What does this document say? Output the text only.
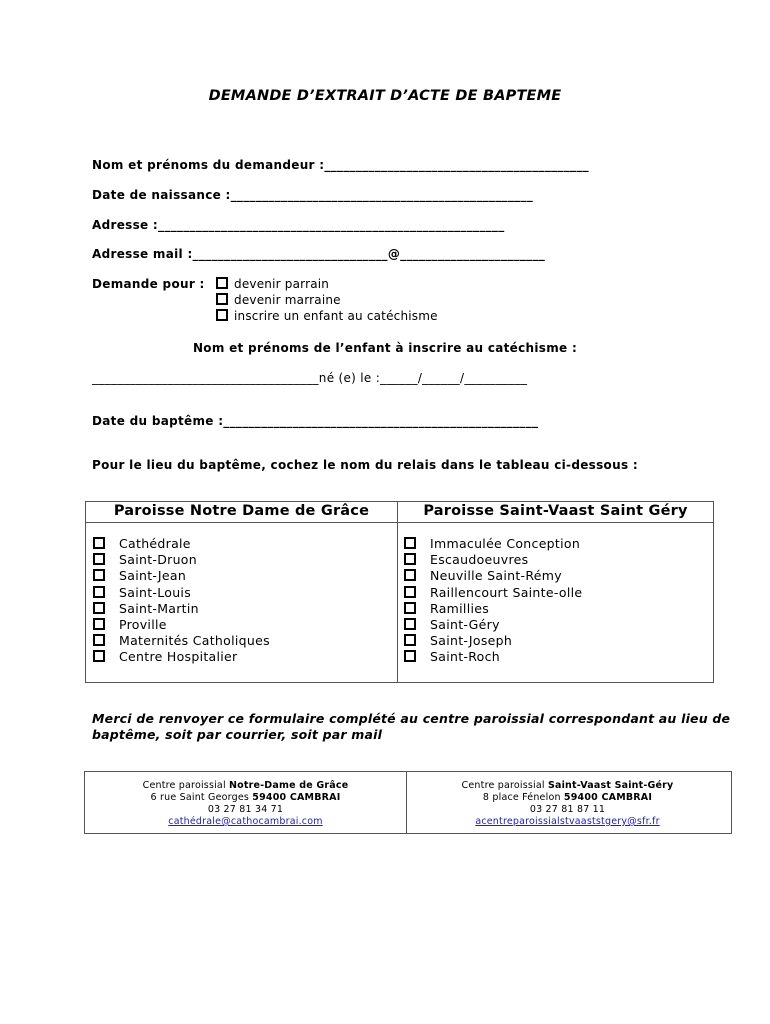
DEMANDE D’EXTRAIT D’ACTE DE BAPTEME
Nom et prénoms du demandeur :__________________________________________
Date de naissance :________________________________________________
Adresse :_______________________________________________________
Adresse mail :_______________________________@_______________________
Demande pour :	devenir parrain
devenir marraine
inscrire un enfant au catéchisme
Nom et prénoms de l’enfant à inscrire au catéchisme :
____________________________________né (e) le :______/______/__________
Date du baptême :__________________________________________________
Pour le lieu du baptême, cochez le nom du relais dans le tableau ci-dessous :
Paroisse Notre Dame de Grâce	Paroisse Saint-Vaast Saint Géry
Cathédrale
Saint-Druon
Saint-Jean
Saint-Louis
Saint-Martin
Proville
Maternités Catholiques
Centre Hospitalier
Immaculée Conception
Escaudoeuvres
Neuville Saint-Rémy
Raillencourt Sainte-olle
Ramillies
Saint-Géry
Saint-Joseph
Saint-Roch
Merci de renvoyer ce formulaire complété au centre paroissial correspondant au lieu de baptême, soit par courrier, soit par mail
Centre paroissial Notre-Dame de Grâce
6 rue Saint Georges 59400 CAMBRAI
03 27 81 34 71
cathédrale@cathocambrai.com
Centre paroissial Saint-Vaast Saint-Géry
8 place Fénelon 59400 CAMBRAI
03 27 81 87 11
acentreparoissialstvaaststgery@sfr.fr
